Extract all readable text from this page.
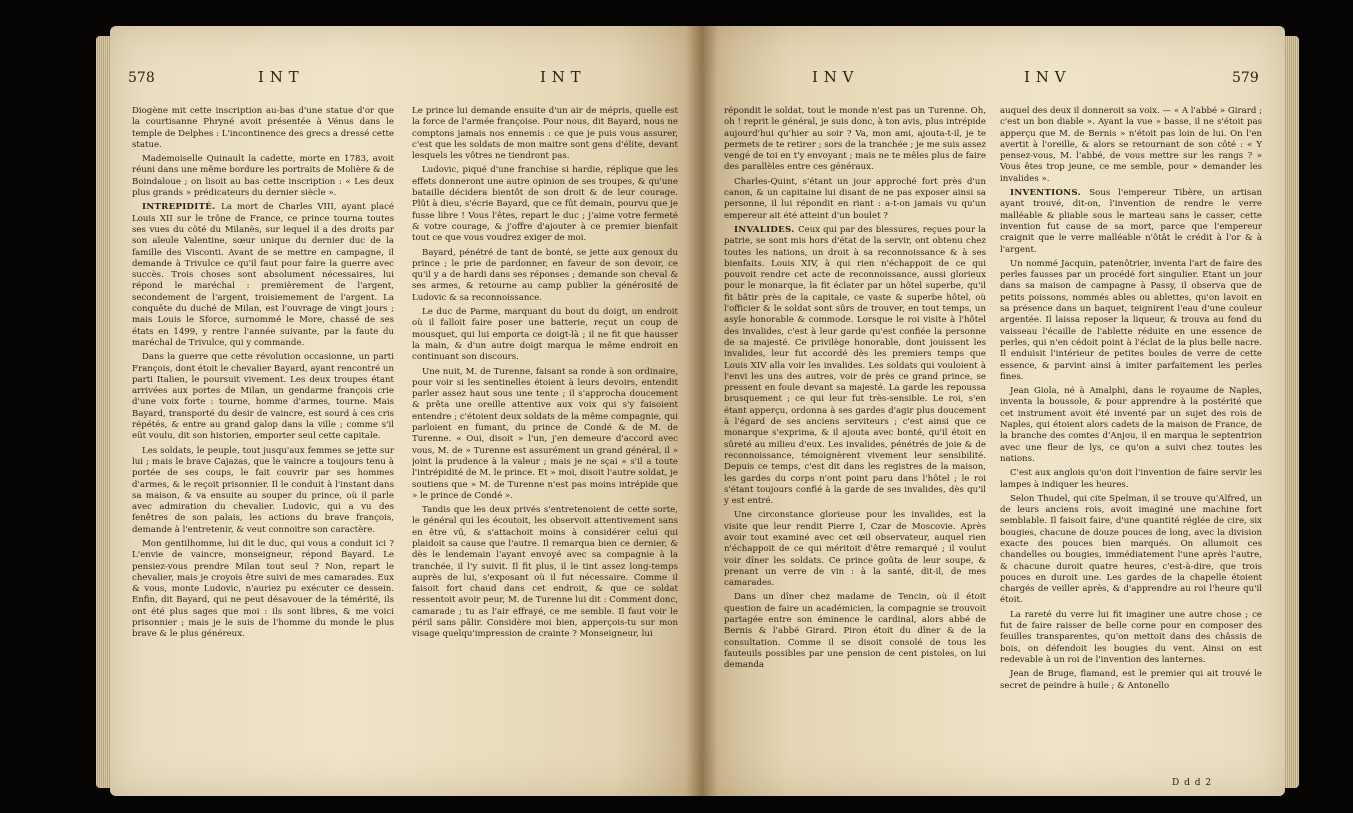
578	I N T	I N T

Diogène mit cette inscription au-bas d'une statue d'or que la courtisanne Phryné avoit présentée à Vénus dans le temple de Delphes : L'incontinence des grecs a dressé cette statue.

Mademoiselle Quinault la cadette, morte en 1783, avoit réuni dans une même bordure les portraits de Molière & de Boindaloue ; on lisoit au bas cette inscription : « Les deux plus grands » prédicateurs du dernier siècle ».

INTREPIDITÉ. La mort de Charles VIII, ayant placé Louis XII sur le trône de France, ce prince tourna toutes ses vues du côté du Milanès, sur lequel il a des droits par son aïeule Valentine, sœur unique du dernier duc de la famille des Visconti. Avant de se mettre en campagne, il demande à Trivulce ce qu'il faut pour faire la guerre avec succès. Trois choses sont absolument nécessaires, lui répond le maréchal : premièrement de l'argent, secondement de l'argent, troisiemement de l'argent. La conquête du duché de Milan, est l'ouvrage de vingt jours ; mais Louis le Sforce, surnommé le More, chassé de ses états en 1499, y rentre l'année suivante, par la faute du maréchal de Trivulce, qui y commande.

Dans la guerre que cette révolution occasionne, un parti François, dont étoit le chevalier Bayard, ayant rencontré un parti Italien, le poursuit vivement. Les deux troupes étant arrivées aux portes de Milan, un gendarme françois crie d'une voix forte : tourne, homme d'armes, tourne. Mais Bayard, transporté du desir de vaincre, est sourd à ces cris répétés, & entre au grand galop dans la ville ; comme s'il eût voulu, dit son historien, emporter seul cette capitale.

Les soldats, le peuple, tout jusqu'aux femmes se jette sur lui ; mais le brave Cajazas, que le vaincre a toujours tenu à portée de ses coups, le fait couvrir par ses hommes d'armes, & le reçoit prisonnier. Il le conduit à l'instant dans sa maison, & va ensuite au souper du prince, où il parle avec admiration du chevalier. Ludovic, qui a vu des fenêtres de son palais, les actions du brave françois, demande à l'entretenir, & veut connoitre son caractère.

Mon gentilhomme, lui dit le duc, qui vous a conduit ici ? L'envie de vaincre, monseigneur, répond Bayard. Le pensiez-vous prendre Milan tout seul ? Non, repart le chevalier, mais je croyois être suivi de mes camarades. Eux & vous, monte Ludovic, n'auriez pu exécuter ce dessein. Enfin, dit Bayard, qui ne peut désavouer de la témérité, ils ont été plus sages que moi : ils sont libres, & me voici prisonnier ; mais je le suis de l'homme du monde le plus brave & le plus généreux.

Le prince lui demande ensuite d'un air de mépris, quelle est la force de l'armée françoise. Pour nous, dit Bayard, nous ne comptons jamais nos ennemis : ce que je puis vous assurer, c'est que les soldats de mon maitre sont gens d'élite, devant lesquels les vôtres ne tiendront pas.

Ludovic, piqué d'une franchise si hardie, réplique que les effets donneront une autre opinion de ses troupes, & qu'une bataille décidera bientôt de son droit & de leur courage. Plût à dieu, s'écrie Bayard, que ce fût demain, pourvu que je fusse libre ! Vous l'êtes, repart le duc ; j'aime votre fermeté & votre courage, & j'offre d'ajouter à ce premier bienfait tout ce que vous voudrez exiger de moi.

Bayard, pénétré de tant de bonté, se jette aux genoux du prince ; le prie de pardonner, en faveur de son devoir, ce qu'il y a de hardi dans ses réponses ; demande son cheval & ses armes, & retourne au camp publier la générosité de Ludovic & sa reconnoissance.

Le duc de Parme, marquant du bout du doigt, un endroit où il falloit faire poser une batterie, reçut un coup de mousquet, qui lui emporta ce doigt-là ; il ne fit que hausser la main, & d'un autre doigt marqua le même endroit en continuant son discours.

Une nuit, M. de Turenne, faisant sa ronde à son ordinaire, pour voir si les sentinelles étoient à leurs devoirs, entendit parler assez haut sous une tente ; il s'approcha doucement & prêta une oreille attentive aux voix qui s'y faisoient entendre ; c'étoient deux soldats de la même compagnie, qui parloient en fumant, du prince de Condé & de M. de Turenne. « Oui, disoit » l'un, j'en demeure d'accord avec vous, M. de » Turenne est assurément un grand général, il » joint la prudence à la valeur ; mais je ne sçai » s'il a toute l'intrépidité de M. le prince. Et » moi, disoit l'autre soldat, je soutiens que » M. de Turenne n'est pas moins intrépide que » le prince de Condé ».

Tandis que les deux privés s'entretenoient de cette sorte, le général qui les écoutoit, les observoit attentivement sans en être vû, & s'attachoit moins à considérer celui qui plaidoit sa cause que l'autre. Il remarqua bien ce dernier, & dès le lendemain l'ayant envoyé avec sa compagnie à la tranchée, il l'y suivit. Il fit plus, il le tint assez long-temps auprès de lui, s'exposant où il fut nécessaire. Comme il faisoit fort chaud dans cet endroit, & que ce soldat ressentoit avoir peur, M. de Turenne lui dit : Comment donc, camarade ; tu as l'air effrayé, ce me semble. Il faut voir le péril sans pâlir. Considère moi bien, apperçois-tu sur mon visage quelqu'impression de crainte ? Monseigneur, lui

I N V	I N V	579

répondit le soldat, tout le monde n'est pas un Turenne. Oh, oh ! reprit le général, je suis donc, à ton avis, plus intrépide aujourd'hui qu'hier au soir ? Va, mon ami, ajouta-t-il, je te permets de te retirer ; sors de la tranchée ; je me suis assez vengé de toi en t'y envoyant ; mais ne te mêles plus de faire des parallèles entre ces généraux.

Charles-Quint, s'étant un jour approché fort près d'un canon, & un capitaine lui disant de ne pas exposer ainsi sa personne, il lui répondit en riant : a-t-on jamais vu qu'un empereur ait été atteint d'un boulet ?

INVALIDES. Ceux qui par des blessures, reçues pour la patrie, se sont mis hors d'état de la servir, ont obtenu chez toutes les nations, un droit à sa reconnoissance & à ses bienfaits. Louis XIV, à qui rien n'échappoit de ce qui pouvoit rendre cet acte de reconnoissance, aussi glorieux pour le monarque, la fit éclater par un hôtel superbe, qu'il fit bâtir près de la capitale, ce vaste & superbe hôtel, où l'officier & le soldat sont sûrs de trouver, en tout temps, un asyle honorable & commode. Lorsque le roi visite à l'hôtel des invalides, c'est à leur garde qu'est confiée la personne de sa majesté. Ce privilège honorable, dont jouissent les invalides, leur fut accordé dès les premiers temps que Louis XIV alla voir les invalides. Les soldats qui vouloient à l'envi les uns des autres, voir de près ce grand prince, se pressent en foule devant sa majesté. La garde les repoussa brusquement ; ce qui leur fut très-sensible. Le roi, s'en étant apperçu, ordonna à ses gardes d'agir plus doucement à l'égard de ses anciens serviteurs ; c'est ainsi que ce monarque s'exprima, & il ajouta avec bonté, qu'il étoit en sûreté au milieu d'eux. Les invalides, pénétrés de joie & de reconnoissance, témoignèrent vivement leur sensibilité. Depuis ce temps, c'est dit dans les registres de la maison, les gardes du corps n'ont point paru dans l'hôtel ; le roi s'étant toujours confié à la garde de ses invalides, dès qu'il y est entré.

Une circonstance glorieuse pour les invalides, est la visite que leur rendit Pierre I, Czar de Moscovie. Après avoir tout examiné avec cet œil observateur, auquel rien n'échappoit de ce qui méritoit d'être remarqué ; il voulut voir dîner les soldats. Ce prince goûta de leur soupe, & prenant un verre de vin : à la santé, dit-il, de mes camarades.

Dans un dîner chez madame de Tencin, où il étoit question de faire un académicien, la compagnie se trouvoit partagée entre son éminence le cardinal, alors abbé de Bernis & l'abbé Girard. Piron étoit du dîner & de la consultation. Comme il se disoit consolé de tous les fauteuils possibles par une pension de cent pistoles, on lui demanda

auquel des deux il donneroit sa voix. — « A l'abbé » Girard ; c'est un bon diable ». Ayant la vue » basse, il ne s'étoit pas apperçu que M. de Bernis » n'étoit pas loin de lui. On l'en avertit à l'oreille, & alors se retournant de son côté : « Y pensez-vous, M. l'abbé, de vous mettre sur les rangs ? » Vous êtes trop jeune, ce me semble, pour » demander les invalides ».

INVENTIONS. Sous l'empereur Tibère, un artisan ayant trouvé, dit-on, l'invention de rendre le verre malléable & pliable sous le marteau sans le casser, cette invention fut cause de sa mort, parce que l'empereur craignit que le verre malléable n'ôtât le crédit à l'or & à l'argent.

Un nommé Jacquin, patenôtrier, inventa l'art de faire des perles fausses par un procédé fort singulier. Etant un jour dans sa maison de campagne à Passy, il observa que de petits poissons, nommés ables ou ablettes, qu'on lavoit en sa présence dans un baquet, teignirent l'eau d'une couleur argentée. Il laissa reposer la liqueur, & trouva au fond du vaisseau l'écaille de l'ablette réduite en une essence de perles, qui n'en cédoit point à l'éclat de la plus belle nacre. Il enduisit l'intérieur de petites boules de verre de cette essence, & parvint ainsi à imiter parfaitement les perles fines.

Jean Giola, né à Amalphi, dans le royaume de Naples, inventa la boussole, & pour apprendre à la postérité que cet instrument avoit été inventé par un sujet des rois de Naples, qui étoient alors cadets de la maison de France, de la branche des comtes d'Anjou, il en marqua le septentrion avec une fleur de lys, ce qu'on a suivi chez toutes les nations.

C'est aux anglois qu'on doit l'invention de faire servir les lampes à indiquer les heures.

Selon Thudel, qui cite Spelman, il se trouve qu'Alfred, un de leurs anciens rois, avoit imaginé une machine fort semblable. Il faisoit faire, d'une quantité réglée de cire, six bougies, chacune de douze pouces de long, avec la division exacte des pouces bien marqués. On allumoit ces chandelles ou bougies, immédiatement l'une après l'autre, & chacune duroit quatre heures, c'est-à-dire, que trois pouces en duroit une. Les gardes de la chapelle étoient chargés de veiller après, & d'apprendre au roi l'heure qu'il étoit.

La rareté du verre lui fit imaginer une autre chose ; ce fut de faire raisser de belle corne pour en composer des feuilles transparentes, qu'on mettoit dans des châssis de bois, on défendoit les bougies du vent. Ainsi on est redevable à un roi de l'invention des lanternes.

Jean de Bruge, flamand, est le premier qui ait trouvé le secret de peindre à huile ; & Antonello

D d d 2
